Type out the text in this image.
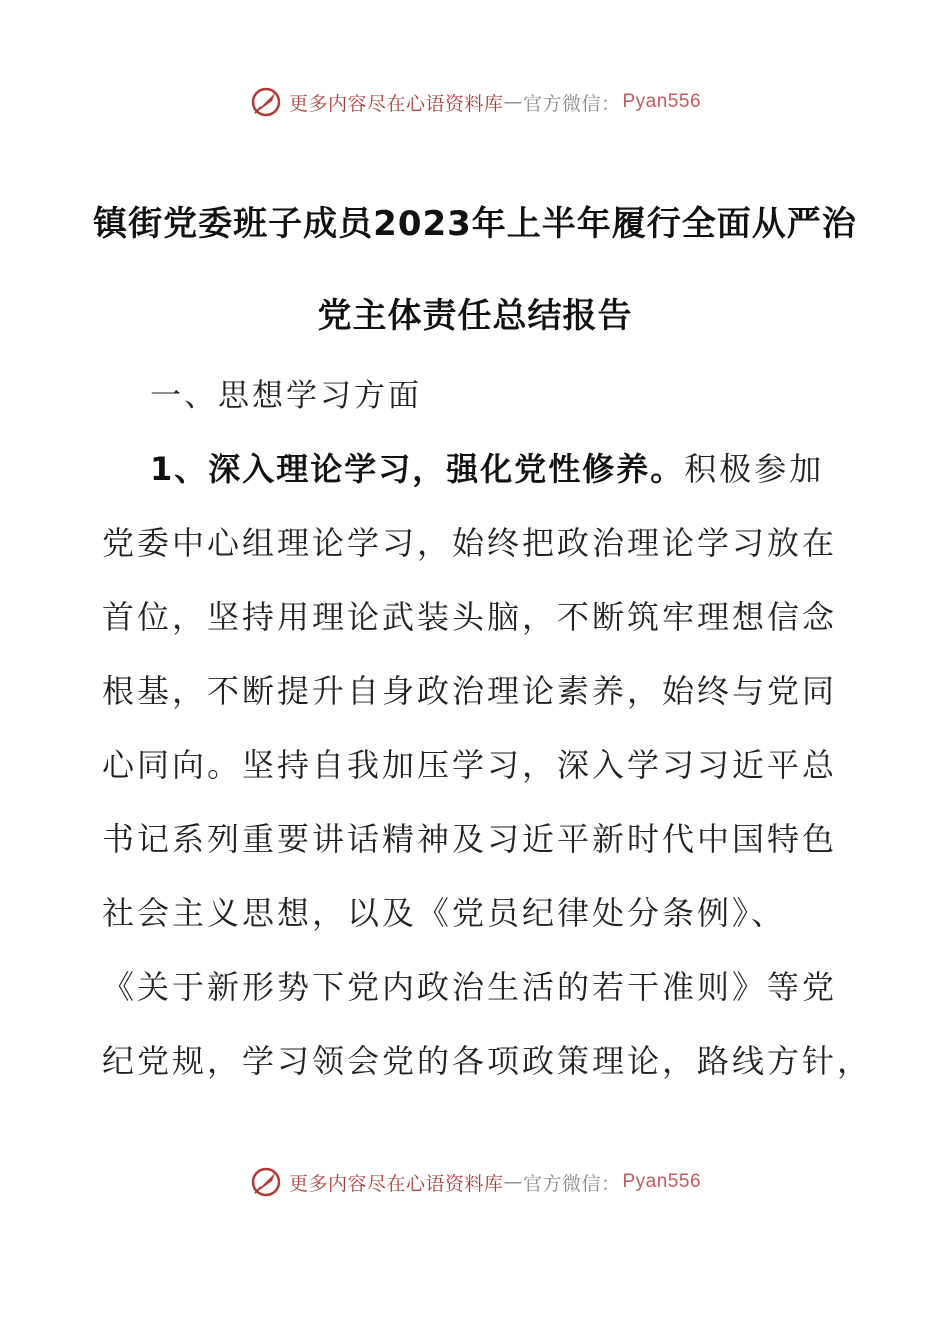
更多内容尽在心语资料库 — 官方微信： Pyan556
镇街党委班子成员2023年上半年履行全面从严治
党主体责任总结报告
一、思想学习方面
1、深入理论学习，强化党性修养。积极参加
党委中心组理论学习，始终把政治理论学习放在
首位，坚持用理论武装头脑，不断筑牢理想信念
根基，不断提升自身政治理论素养，始终与党同
心同向。坚持自我加压学习，深入学习习近平总
书记系列重要讲话精神及习近平新时代中国特色
社会主义思想，以及《党员纪律处分条例》、
《关于新形势下党内政治生活的若干准则》等党
纪党规，学习领会党的各项政策理论，路线方针，
更多内容尽在心语资料库 — 官方微信： Pyan556
